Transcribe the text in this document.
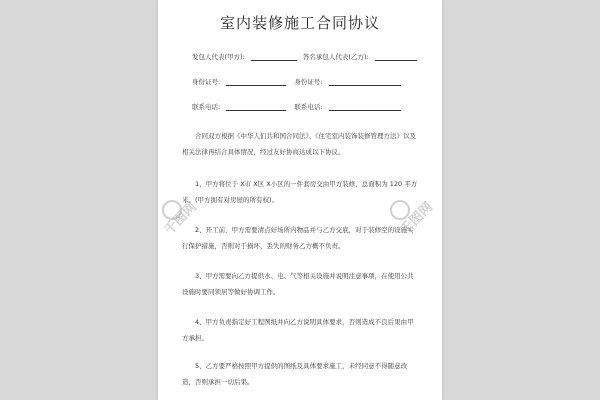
室内装修施工合同协议
发包人代表(甲方):	答名承包人代表(乙方):
身份证号:	身份证号:
联系电话:	联系电话:
合同双方根据《中华人们共和国合同法》、《住宅室内装饰装修管理方法》以及相关法律再结合具体情况，经过友好协商达成以下协议。
1、甲方将位于 X市 X区 X小区的一件套房交由甲方装修，总面积为 120 平方米。(甲方拥有对房屋的所有权)。
2、开工前，甲方需要清点好场所内物品并与乙方交底，对于装修空的设施实行保护措施，否则对于损坏、丢失的财务乙方概不负责。
3、甲方需要向乙方提供水、电、气等相关设施并说明注意事项，在使用公共设施时要同领居等做好协调工作。
4、甲方负责指定好工程图纸并向乙方说明具体要求，否则造成不良后果由甲方承担。
5、乙方要严格按照甲方提供的图纸及具体要求施工，未经同意不得随意改造，否则承担一切后果。
千图网	千图网
